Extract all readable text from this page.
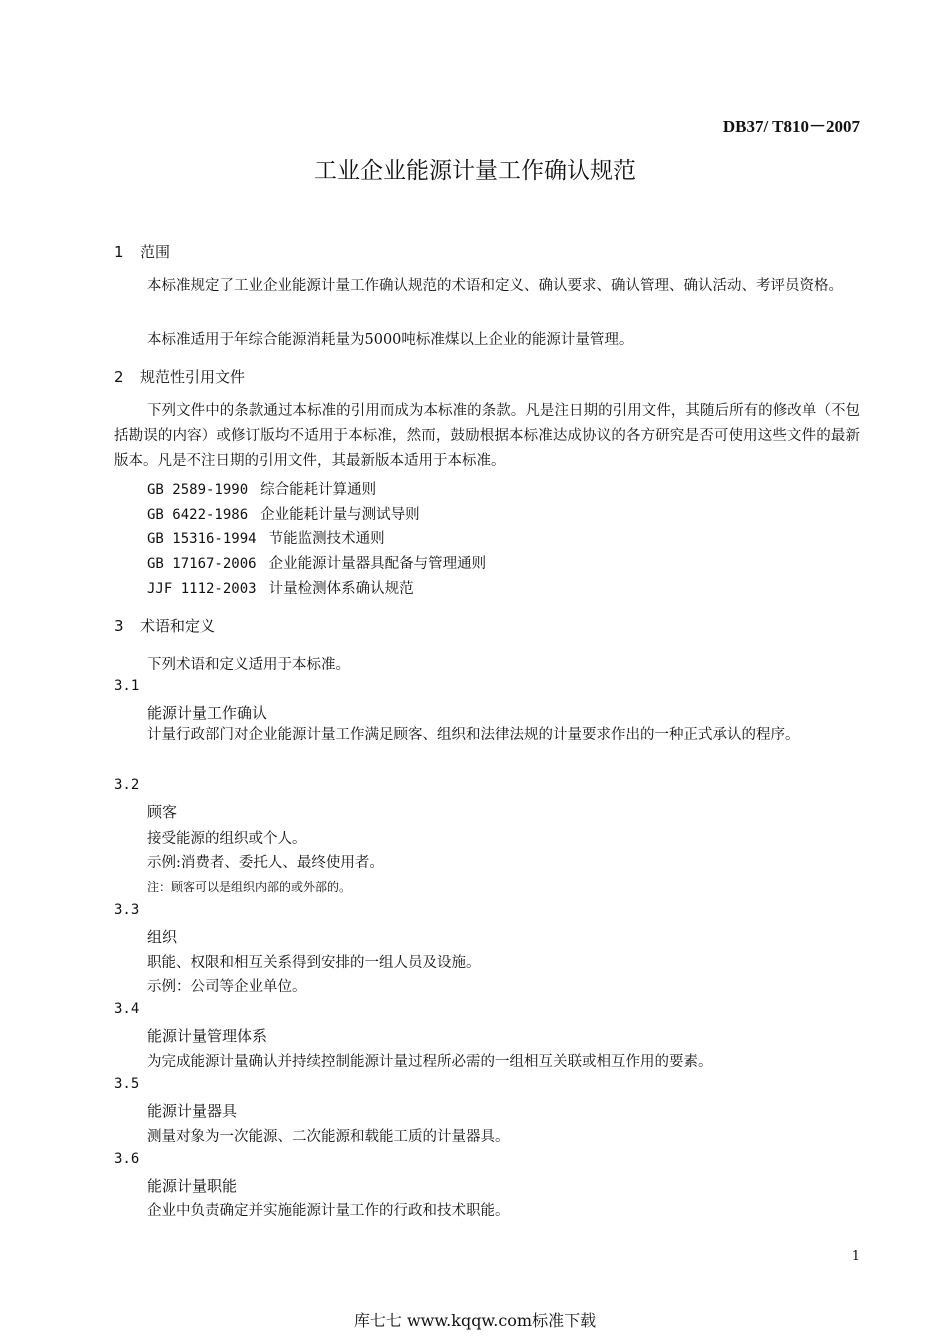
DB37/ T810－2007
工业企业能源计量工作确认规范
1 范围
本标准规定了工业企业能源计量工作确认规范的术语和定义、确认要求、确认管理、确认活动、考评员资格。
本标准适用于年综合能源消耗量为5000吨标准煤以上企业的能源计量管理。
2 规范性引用文件
下列文件中的条款通过本标准的引用而成为本标准的条款。凡是注日期的引用文件，其随后所有的修改单（不包括勘误的内容）或修订版均不适用于本标准，然而，鼓励根据本标准达成协议的各方研究是否可使用这些文件的最新版本。凡是不注日期的引用文件，其最新版本适用于本标准。
GB 2589-1990 综合能耗计算通则
GB 6422-1986 企业能耗计量与测试导则
GB 15316-1994 节能监测技术通则
GB 17167-2006 企业能源计量器具配备与管理通则
JJF 1112-2003 计量检测体系确认规范
3 术语和定义
下列术语和定义适用于本标准。
3.1
能源计量工作确认
计量行政部门对企业能源计量工作满足顾客、组织和法律法规的计量要求作出的一种正式承认的程序。
3.2
顾客
接受能源的组织或个人。
示例:消费者、委托人、最终使用者。
注：顾客可以是组织内部的或外部的。
3.3
组织
职能、权限和相互关系得到安排的一组人员及设施。
示例：公司等企业单位。
3.4
能源计量管理体系
为完成能源计量确认并持续控制能源计量过程所必需的一组相互关联或相互作用的要素。
3.5
能源计量器具
测量对象为一次能源、二次能源和载能工质的计量器具。
3.6
能源计量职能
企业中负责确定并实施能源计量工作的行政和技术职能。
1
库七七 www.kqqw.com标准下载
